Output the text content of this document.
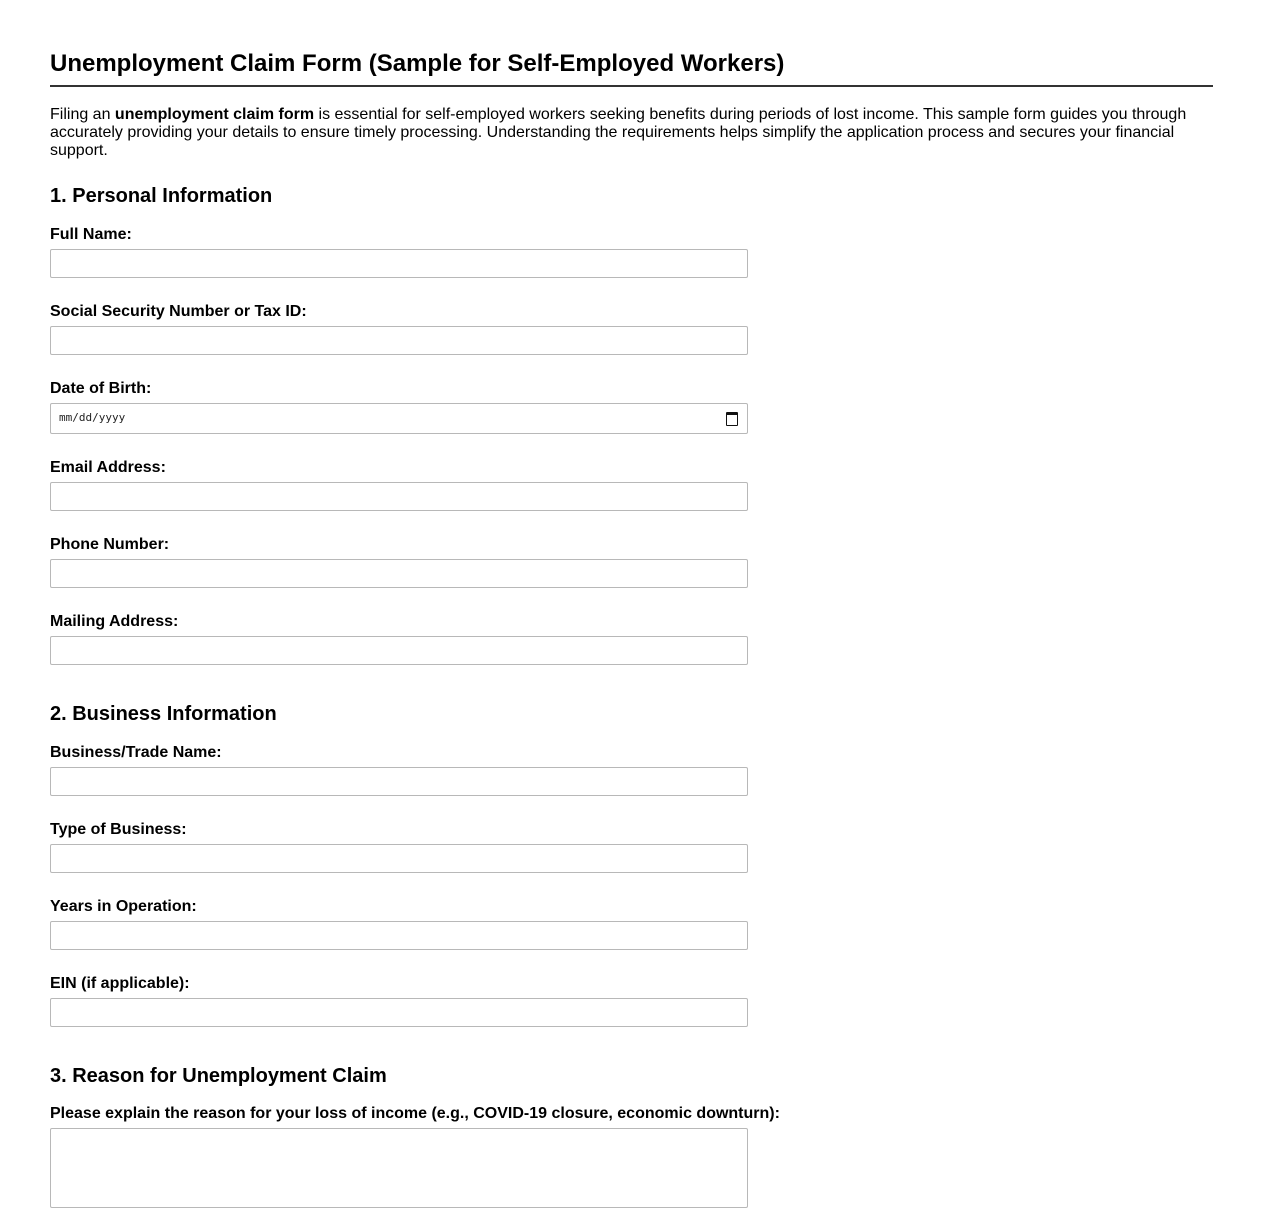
Unemployment Claim Form (Sample for Self-Employed Workers)

Filing an unemployment claim form is essential for self-employed workers seeking benefits during periods of lost income. This sample form guides you through accurately providing your details to ensure timely processing. Understanding the requirements helps simplify the application process and secures your financial support.

1. Personal Information
Full Name:
Social Security Number or Tax ID:
Date of Birth:
mm/dd/yyyy
Email Address:
Phone Number:
Mailing Address:
2. Business Information
Business/Trade Name:
Type of Business:
Years in Operation:
EIN (if applicable):
3. Reason for Unemployment Claim
Please explain the reason for your loss of income (e.g., COVID-19 closure, economic downturn):
